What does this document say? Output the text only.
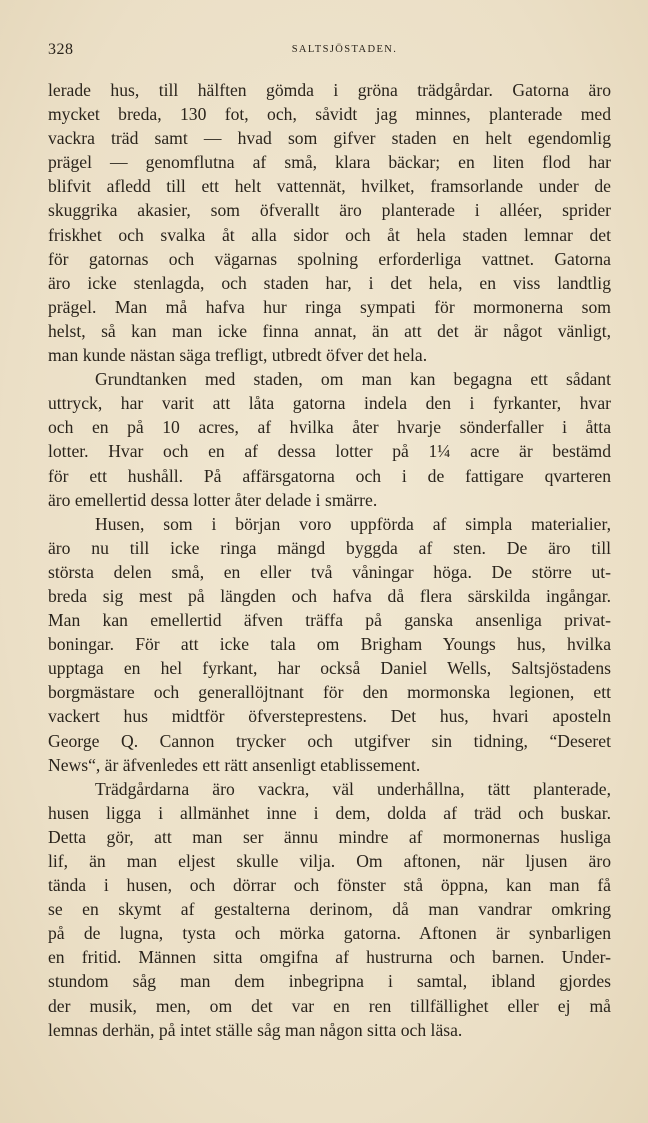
328	SALTSJÖSTADEN.
lerade hus, till hälften gömda i gröna trädgårdar. Gatorna äro
mycket breda, 130 fot, och, såvidt jag minnes, planterade med
vackra träd samt — hvad som gifver staden en helt egendomlig
prägel — genomflutna af små, klara bäckar; en liten flod har
blifvit afledd till ett helt vattennät, hvilket, framsorlande under de
skuggrika akasier, som öfverallt äro planterade i alléer, sprider
friskhet och svalka åt alla sidor och åt hela staden lemnar det
för gatornas och vägarnas spolning erforderliga vattnet. Gatorna
äro icke stenlagda, och staden har, i det hela, en viss landtlig
prägel. Man må hafva hur ringa sympati för mormonerna som
helst, så kan man icke finna annat, än att det är något vänligt,
man kunde nästan säga trefligt, utbredt öfver det hela.
Grundtanken med staden, om man kan begagna ett sådant
uttryck, har varit att låta gatorna indela den i fyrkanter, hvar
och en på 10 acres, af hvilka åter hvarje sönderfaller i åtta
lotter. Hvar och en af dessa lotter på 1¼ acre är bestämd
för ett hushåll. På affärsgatorna och i de fattigare qvarteren
äro emellertid dessa lotter åter delade i smärre.
Husen, som i början voro uppförda af simpla materialier,
äro nu till icke ringa mängd byggda af sten. De äro till
största delen små, en eller två våningar höga. De större ut-
breda sig mest på längden och hafva då flera särskilda ingångar.
Man kan emellertid äfven träffa på ganska ansenliga privat-
boningar. För att icke tala om Brigham Youngs hus, hvilka
upptaga en hel fyrkant, har också Daniel Wells, Saltsjöstadens
borgmästare och generallöjtnant för den mormonska legionen, ett
vackert hus midtför öfversteprestens. Det hus, hvari aposteln
George Q. Cannon trycker och utgifver sin tidning, “Deseret
News“, är äfvenledes ett rätt ansenligt etablissement.
Trädgårdarna äro vackra, väl underhållna, tätt planterade,
husen ligga i allmänhet inne i dem, dolda af träd och buskar.
Detta gör, att man ser ännu mindre af mormonernas husliga
lif, än man eljest skulle vilja. Om aftonen, när ljusen äro
tända i husen, och dörrar och fönster stå öppna, kan man få
se en skymt af gestalterna derinom, då man vandrar omkring
på de lugna, tysta och mörka gatorna. Aftonen är synbarligen
en fritid. Männen sitta omgifna af hustrurna och barnen. Under-
stundom såg man dem inbegripna i samtal, ibland gjordes
der musik, men, om det var en ren tillfällighet eller ej må
lemnas derhän, på intet ställe såg man någon sitta och läsa.
